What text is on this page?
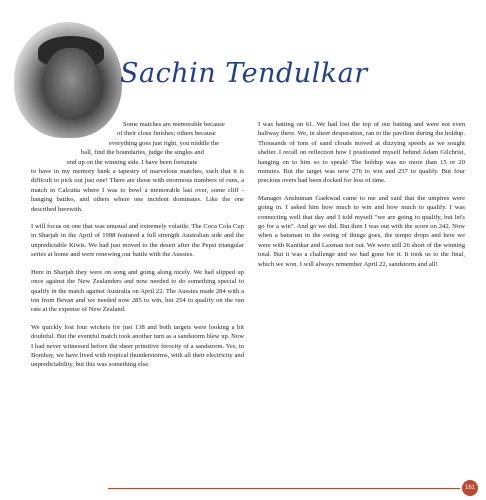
Sachin Tendulkar

Some matches are memorable because
of their close finishes; others because
everything goes just right, you middle the
ball, find the boundaries, judge the singles and
end up on the winning side. I have been fortunate
to have in my memory bank a tapestry of marvelous matches, such that it is difficult to pick out just one! There are those with enormous numbers of runs, a match in Calcutta where I was to bowl a memorable last over, some cliff - hanging battles, and others where one incident dominates. Like the one described herewith.

I will focus on one that was unusual and extremely volatile. The Coca Cola Cup in Sharjah in the April of 1998 featured a full strength Australian side and the unpredictable Kiwis. We had just moved to the desert after the Pepsi triangular series at home and were renewing our battle with the Aussies.

Here in Sharjah they were on song and going along nicely. We had slipped up once against the New Zealanders and now needed to do something special to qualify in the match against Australia on April 22. The Aussies made 284 with a ton from Bevan and we needed now 285 to win, but 254 to qualify on the run rate at the expense of New Zealand.

We quickly lost four wickets for just 138 and both targets were looking a bit doubtful. But the eventful match took another turn as a sandstorm blew up. Now I had never witnessed before the sheer primitive ferocity of a sandstorm. Yes, in Bombay, we have lived with tropical thunderstorms, with all their electricity and unpredictability, but this was something else.

I was batting on 61. We had lost the top of our batting and were not even halfway there. We, in sheer desperation, ran to the pavilion during the holdup. Thousands of tons of sand clouds moved at dizzying speeds as we sought shelter. I recall on reflection how I positioned myself behind Adam Gilchrist, hanging on to him so to speak! The holdup was no more than 15 or 20 minutes. But the target was now 276 to win and 237 to qualify. But four precious overs had been docked for loss of time.

Manager Anshuman Gaekwad came to me and said that the umpires were going in. I asked him how much to win and how much to qualify. I was connecting well that day and I told myself "we are going to qualify, but let's go for a win". And go we did. But then I was out with the score on 242. Now when a batsman in the swing of things goes, the tempo drops and here we were with Kanitkar and Laxman not out. We were still 26 short of the winning total. But it was a challenge and we had gone for it. It took us to the final, which we won. I will always remember April 22, sandstorm and all!

161
